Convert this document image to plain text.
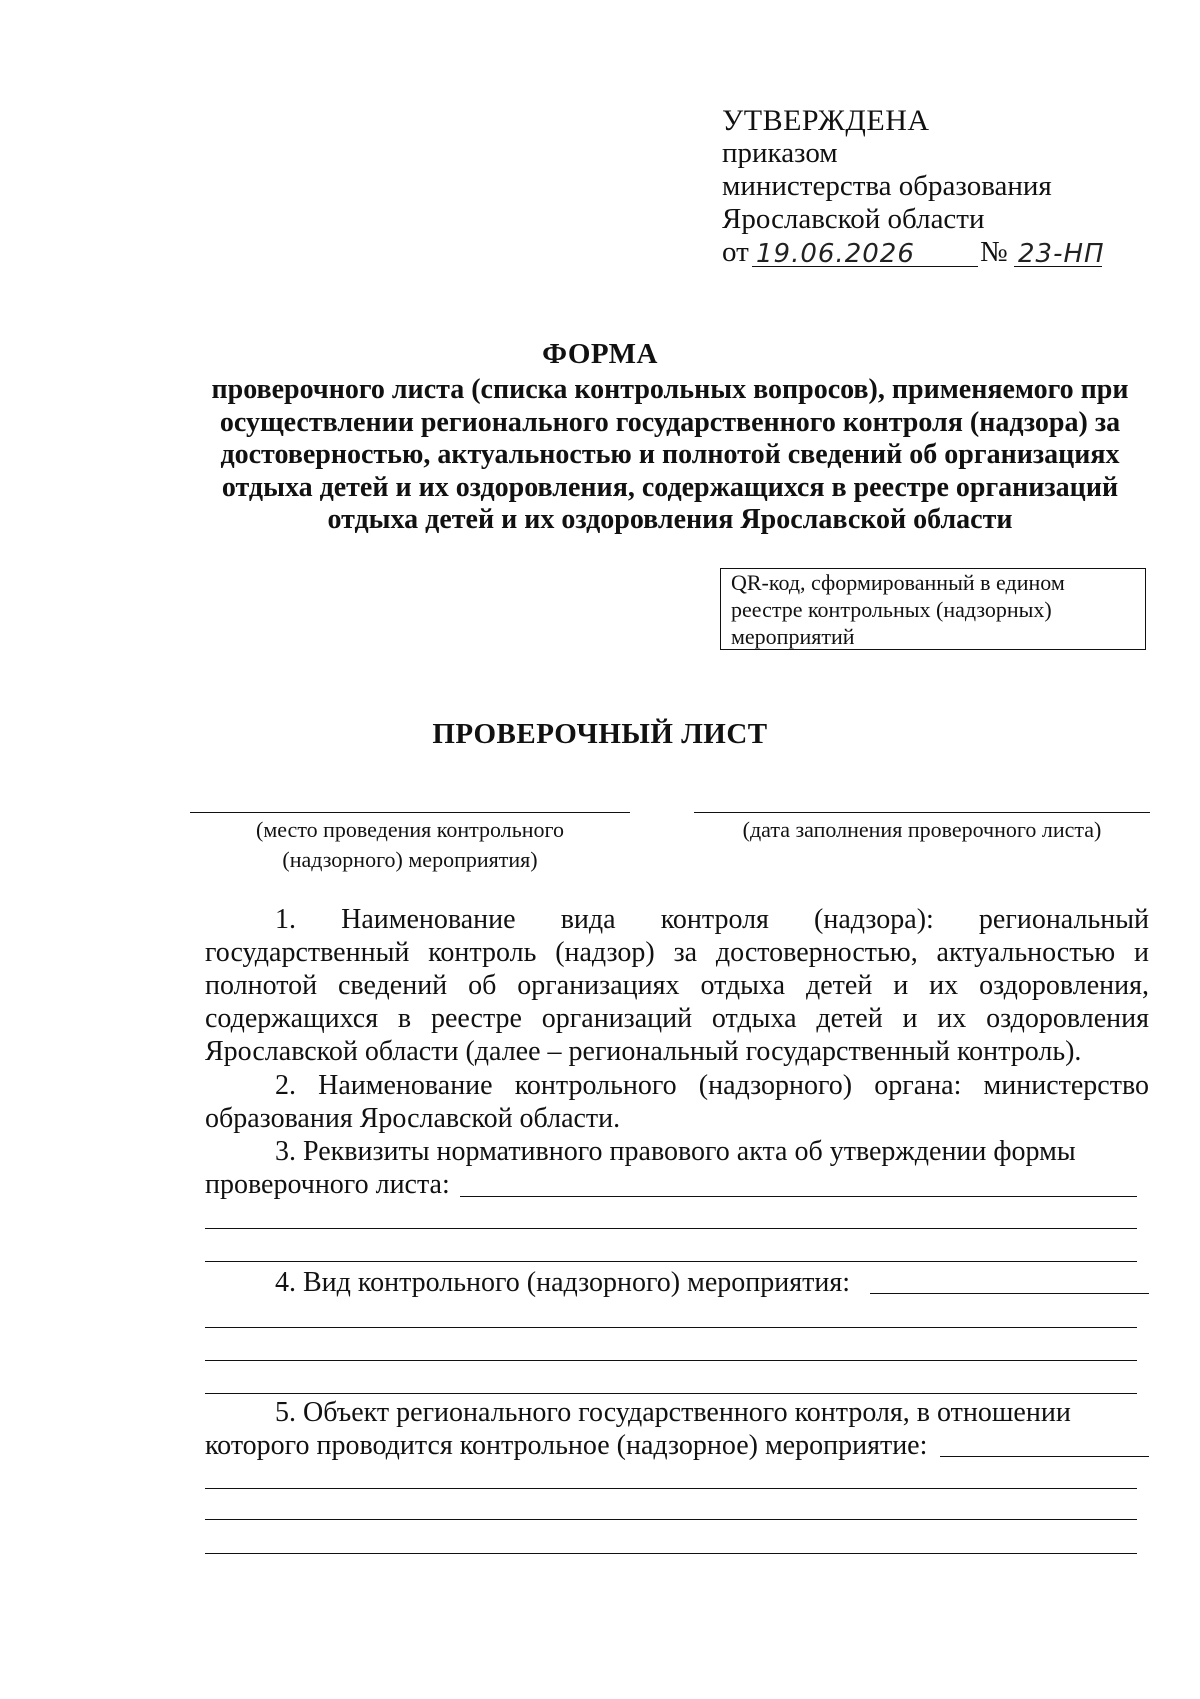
УТВЕРЖДЕНА
приказом
министерства образования
Ярославской области
от 19.06.2026 № 23-НП
ФОРМА
проверочного листа (списка контрольных вопросов), применяемого при осуществлении регионального государственного контроля (надзора) за достоверностью, актуальностью и полнотой сведений об организациях отдыха детей и их оздоровления, содержащихся в реестре организаций отдыха детей и их оздоровления Ярославской области
QR-код, сформированный в едином
реестре контрольных (надзорных)
мероприятий
ПРОВЕРОЧНЫЙ ЛИСТ
(место проведения контрольного
(надзорного) мероприятия)
(дата заполнения проверочного листа)

1. Наименование вида контроля (надзора): региональный государственный контроль (надзор) за достоверностью, актуальностью и полнотой сведений об организациях отдыха детей и их оздоровления, содержащихся в реестре организаций отдыха детей и их оздоровления Ярославской области (далее – региональный государственный контроль).

2. Наименование контрольного (надзорного) органа: министерство образования Ярославской области.

3. Реквизиты нормативного правового акта об утверждении формы проверочного листа:

4. Вид контрольного (надзорного) мероприятия:

5. Объект регионального государственного контроля, в отношении которого проводится контрольное (надзорное) мероприятие:
